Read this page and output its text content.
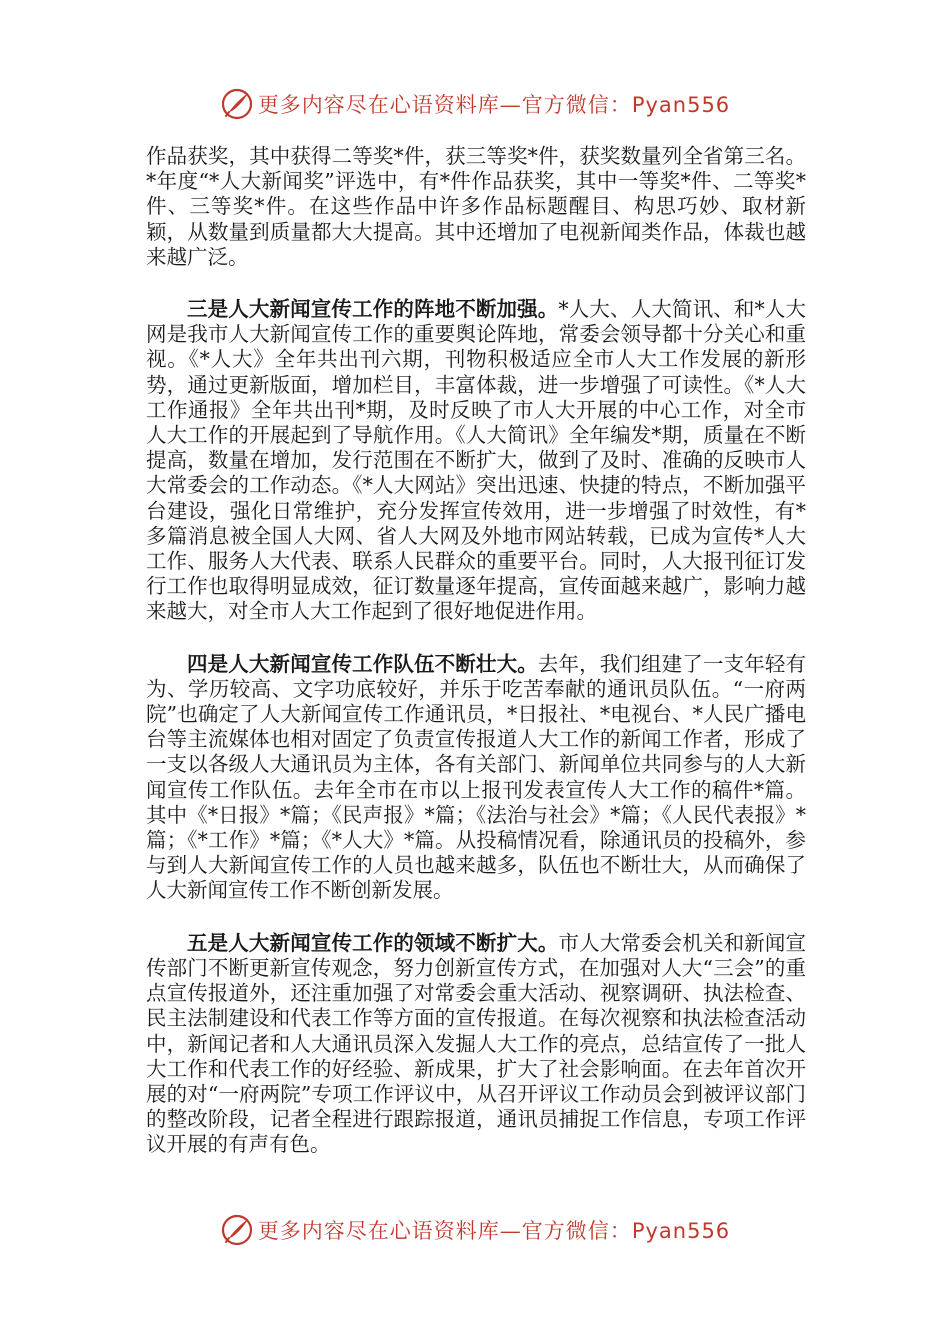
更多内容尽在心语资料库—官方微信：Pyan556

作品获奖，其中获得二等奖*件，获三等奖*件，获奖数量列全省第三名。*年度“*人大新闻奖”评选中，有*件作品获奖，其中一等奖*件、二等奖*件、三等奖*件。在这些作品中许多作品标题醒目、构思巧妙、取材新颖，从数量到质量都大大提高。其中还增加了电视新闻类作品，体裁也越来越广泛。

三是人大新闻宣传工作的阵地不断加强。*人大、人大简讯、和*人大网是我市人大新闻宣传工作的重要舆论阵地，常委会领导都十分关心和重视。《*人大》全年共出刊六期，刊物积极适应全市人大工作发展的新形势，通过更新版面，增加栏目，丰富体裁，进一步增强了可读性。《*人大工作通报》全年共出刊*期，及时反映了市人大开展的中心工作，对全市人大工作的开展起到了导航作用。《人大简讯》全年编发*期，质量在不断提高，数量在增加，发行范围在不断扩大，做到了及时、准确的反映市人大常委会的工作动态。《*人大网站》突出迅速、快捷的特点，不断加强平台建设，强化日常维护，充分发挥宣传效用，进一步增强了时效性，有*多篇消息被全国人大网、省人大网及外地市网站转载，已成为宣传*人大工作、服务人大代表、联系人民群众的重要平台。同时，人大报刊征订发行工作也取得明显成效，征订数量逐年提高，宣传面越来越广，影响力越来越大，对全市人大工作起到了很好地促进作用。

四是人大新闻宣传工作队伍不断壮大。去年，我们组建了一支年轻有为、学历较高、文字功底较好，并乐于吃苦奉献的通讯员队伍。“一府两院”也确定了人大新闻宣传工作通讯员，*日报社、*电视台、*人民广播电台等主流媒体也相对固定了负责宣传报道人大工作的新闻工作者，形成了一支以各级人大通讯员为主体，各有关部门、新闻单位共同参与的人大新闻宣传工作队伍。去年全市在市以上报刊发表宣传人大工作的稿件*篇。其中《*日报》*篇；《民声报》*篇；《法治与社会》*篇；《人民代表报》*篇；《*工作》*篇；《*人大》*篇。从投稿情况看，除通讯员的投稿外，参与到人大新闻宣传工作的人员也越来越多，队伍也不断壮大，从而确保了人大新闻宣传工作不断创新发展。

五是人大新闻宣传工作的领域不断扩大。市人大常委会机关和新闻宣传部门不断更新宣传观念，努力创新宣传方式，在加强对人大“三会”的重点宣传报道外，还注重加强了对常委会重大活动、视察调研、执法检查、民主法制建设和代表工作等方面的宣传报道。在每次视察和执法检查活动中，新闻记者和人大通讯员深入发掘人大工作的亮点，总结宣传了一批人大工作和代表工作的好经验、新成果，扩大了社会影响面。在去年首次开展的对“一府两院”专项工作评议中，从召开评议工作动员会到被评议部门的整改阶段，记者全程进行跟踪报道，通讯员捕捉工作信息，专项工作评议开展的有声有色。

更多内容尽在心语资料库—官方微信：Pyan556
